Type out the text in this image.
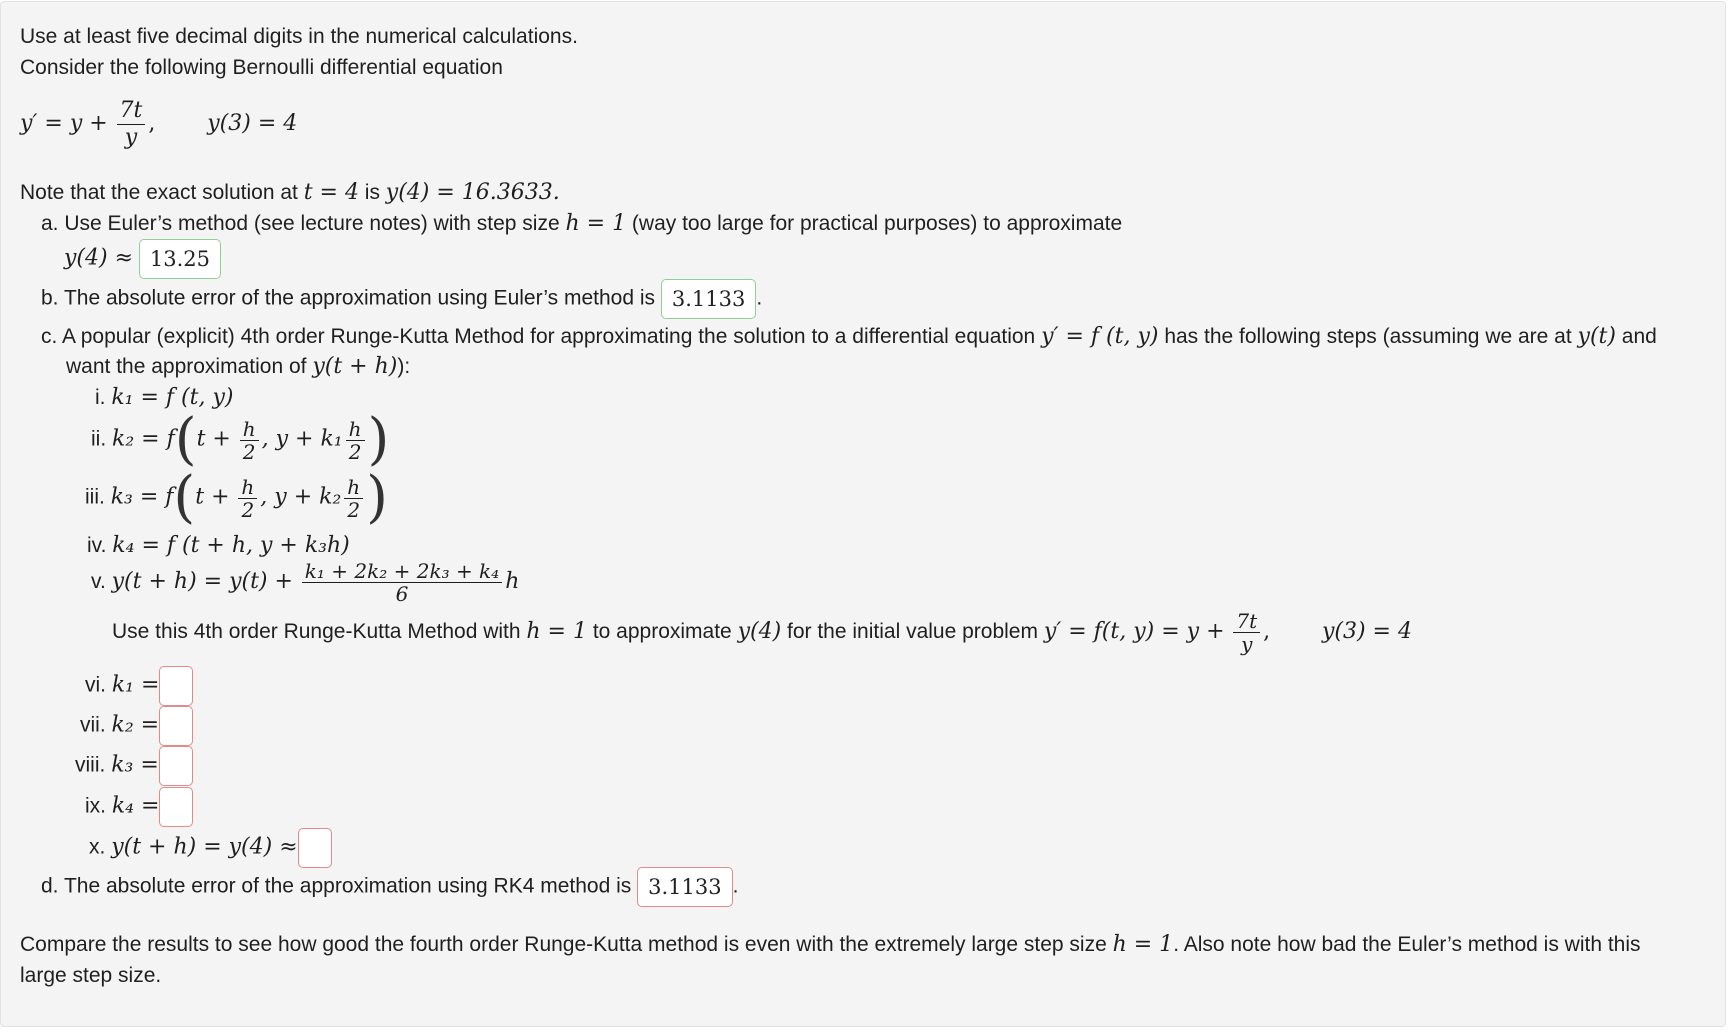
Use at least five decimal digits in the numerical calculations.
Consider the following Bernoulli differential equation
$y' = y + \frac{7t}{y}$ , y(3) = 4
Note that the exact solution at t = 4 is y(4) = 16.3633.
a. Use Euler’s method (see lecture notes) with step size h = 1 (way too large for practical purposes) to approximate
y(4) ≈ 13.25
b. The absolute error of the approximation using Euler’s method is 3.1133 .
c. A popular (explicit) 4th order Runge-Kutta Method for approximating the solution to a differential equation y′ = f (t, y) has the following steps (assuming we are at y(t) and
want the approximation of y(t + h)):
i. k₁ = f (t, y)
ii. $k_2 = f(t + \frac{h}{2}$ , $y + k_1 \frac{h}{2}$ )
iii. $k_3 = f(t + \frac{h}{2}$ , $y + k_2 \frac{h}{2}$ )
iv. k₄ = f (t + h, y + k₃h)
v. $y(t + h) = y(t) + \frac{\text{k₁ + 2k₂ + 2k₃ + k₄}}{6}$ h
Use this 4th order Runge-Kutta Method with h = 1 to approximate y(4) for the initial value problem y′ = f(t, $y) = y + \frac{7t}{y}$ , y(3) = 4
vi. k₁ =
vii. k₂ =
viii. k₃ =
ix. k₄ =
x. y(t + h) = y(4) ≈
d. The absolute error of the approximation using RK4 method is 3.1133 .
Compare the results to see how good the fourth order Runge-Kutta method is even with the extremely large step size h = 1. Also note how bad the Euler’s method is with this
large step size.
